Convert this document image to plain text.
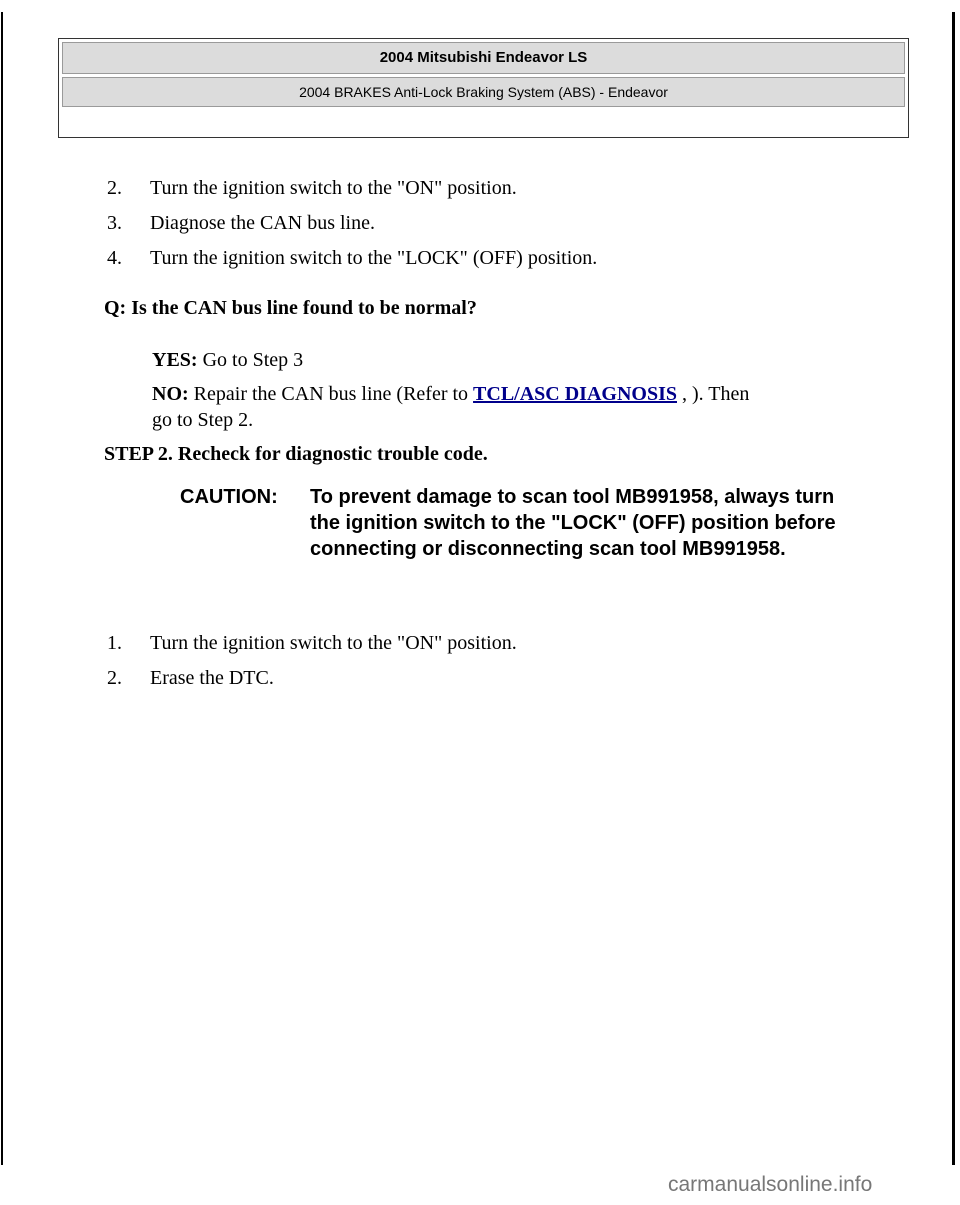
2004 Mitsubishi Endeavor LS
2004 BRAKES Anti-Lock Braking System (ABS) - Endeavor
2. Turn the ignition switch to the "ON" position.
3. Diagnose the CAN bus line.
4. Turn the ignition switch to the "LOCK" (OFF) position.
Q: Is the CAN bus line found to be normal?
YES: Go to Step 3
NO: Repair the CAN bus line (Refer to TCL/ASC DIAGNOSIS , ). Then
go to Step 2.
STEP 2. Recheck for diagnostic trouble code.
CAUTION: To prevent damage to scan tool MB991958, always turn the ignition switch to the "LOCK" (OFF) position before connecting or disconnecting scan tool MB991958.
1. Turn the ignition switch to the "ON" position.
2. Erase the DTC.
carmanualsonline.info
